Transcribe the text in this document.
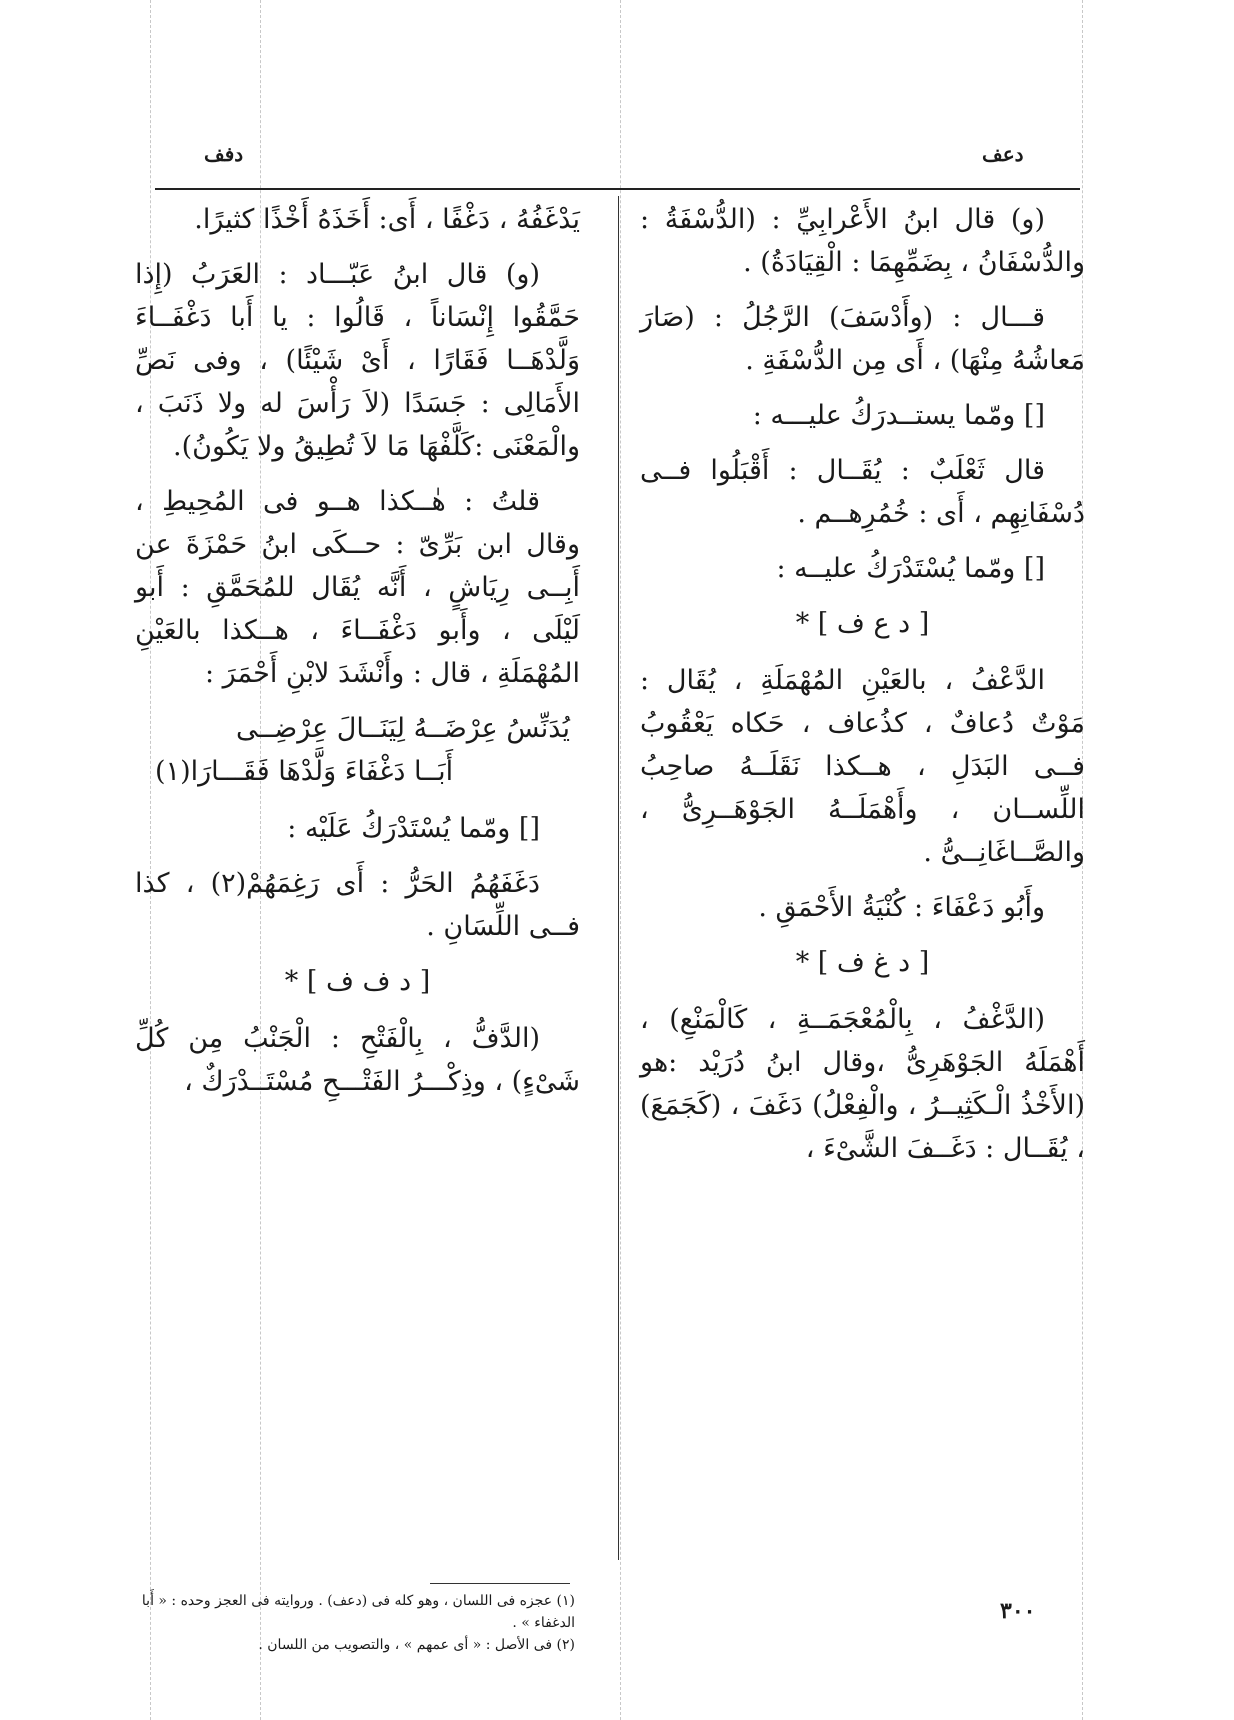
دعف
دفف
(و) قال ابنُ الأَعْرابِيِّ : (الدُّسْفَةُ : والدُّسْفَانُ ، بِضَمِّهِمَا : الْقِيَادَةُ) .
قـــال : (وأَدْسَفَ) الرَّجُلُ : (صَارَ مَعاشُهُ مِنْهَا) ، أَى مِن الدُّسْفَةِ .
[] ومّما يستــدرَكُ عليـــه :
قال ثَعْلَبٌ : يُقَــال : أَقْبَلُوا فــى دُسْفَانِهِم ، أَى : خُمُرِهــم .
[] ومّما يُسْتَدْرَكُ عليــه :
[ د ع ف ] *
الدَّعْفُ ، بالعَيْنِ المُهْمَلَةِ ، يُقَال : مَوْتٌ دُعافٌ ، كذُعاف ، حَكاه يَعْقُوبُ فــى البَدَلِ ، هــكذا نَقَلَــهُ صاحِبُ اللِّســان ، وأَهْمَلَــهُ الجَوْهَــرِىُّ ، والصَّــاغَانِــىُّ .
وأَبُو دَعْفَاءَ : كُنْيَةُ الأَحْمَقِ .
[ د غ ف ] *
(الدَّغْفُ ، بِالْمُعْجَمَــةِ ، كَالْمَنْعِ) ، أَهْمَلَهُ الجَوْهَرِىُّ ،وقال ابنُ دُرَيْد :هو (الأَخْذُ الْـكَثِيــرُ ، والْفِعْلُ) دَغَفَ ، (كَجَمَعَ) ، يُقَــال : دَغَــفَ الشَّىْءَ ،
يَدْغَفُهُ ، دَغْفًا ، أَى: أَخَذَهُ أَخْذًا كثيرًا.
(و) قال ابنُ عَبّـــاد : العَرَبُ (إِذا حَمَّقُوا إِنْسَاناً ، قَالُوا : يا أَبا دَغْفَــاءَ وَلَّدْهَــا فَقَارًا ، أَىْ شَيْئًا) ، وفى نَصِّ الأَمَالِى : جَسَدًا (لاَ رَأْسَ له ولا ذَنَبَ ، والْمَعْنَى :كَلَّفْهَا مَا لاَ تُطِيقُ ولا يَكُونُ).
قلتُ : هٰــكذا هــو فى المُحِيطِ ، وقال ابن بَرِّىّ : حــكَى ابنُ حَمْزَةَ عن أَبِــى رِيَاشٍ ، أَنَّه يُقَال للمُحَمَّقِ : أَبو لَيْلَى ، وأَبو دَغْفَــاءَ ، هــكذا بالعَيْنِ المُهْمَلَةِ ، قال : وأَنْشَدَ لابْنِ أَحْمَرَ :
يُدَنِّسُ عِرْضَــهُ لِيَنَــالَ عِرْضِــى
أَبَــا دَغْفَاءَ وَلَّدْهَا فَقَـــارَا(١)
[] ومّما يُسْتَدْرَكُ عَلَيْه :
دَغَفَهُمُ الحَرُّ : أَى رَغِمَهُمْ(٢) ، كذا فــى اللِّسَانِ .
[ د ف ف ] *
(الدَّفُّ ، بِالْفَتْحِ : الْجَنْبُ مِن كُلِّ شَىْءٍ) ، وذِكْـــرُ الفَتْـــحِ مُسْتَــدْرَكٌ ،
(١) عجزه فى اللسان ، وهو كله فى (دعف) . وروايته فى العجز وحده : « أَبا الدغفاء » .
(٢) فى الأصل : « أى عمهم » ، والتصويب من اللسان .
٣٠٠
